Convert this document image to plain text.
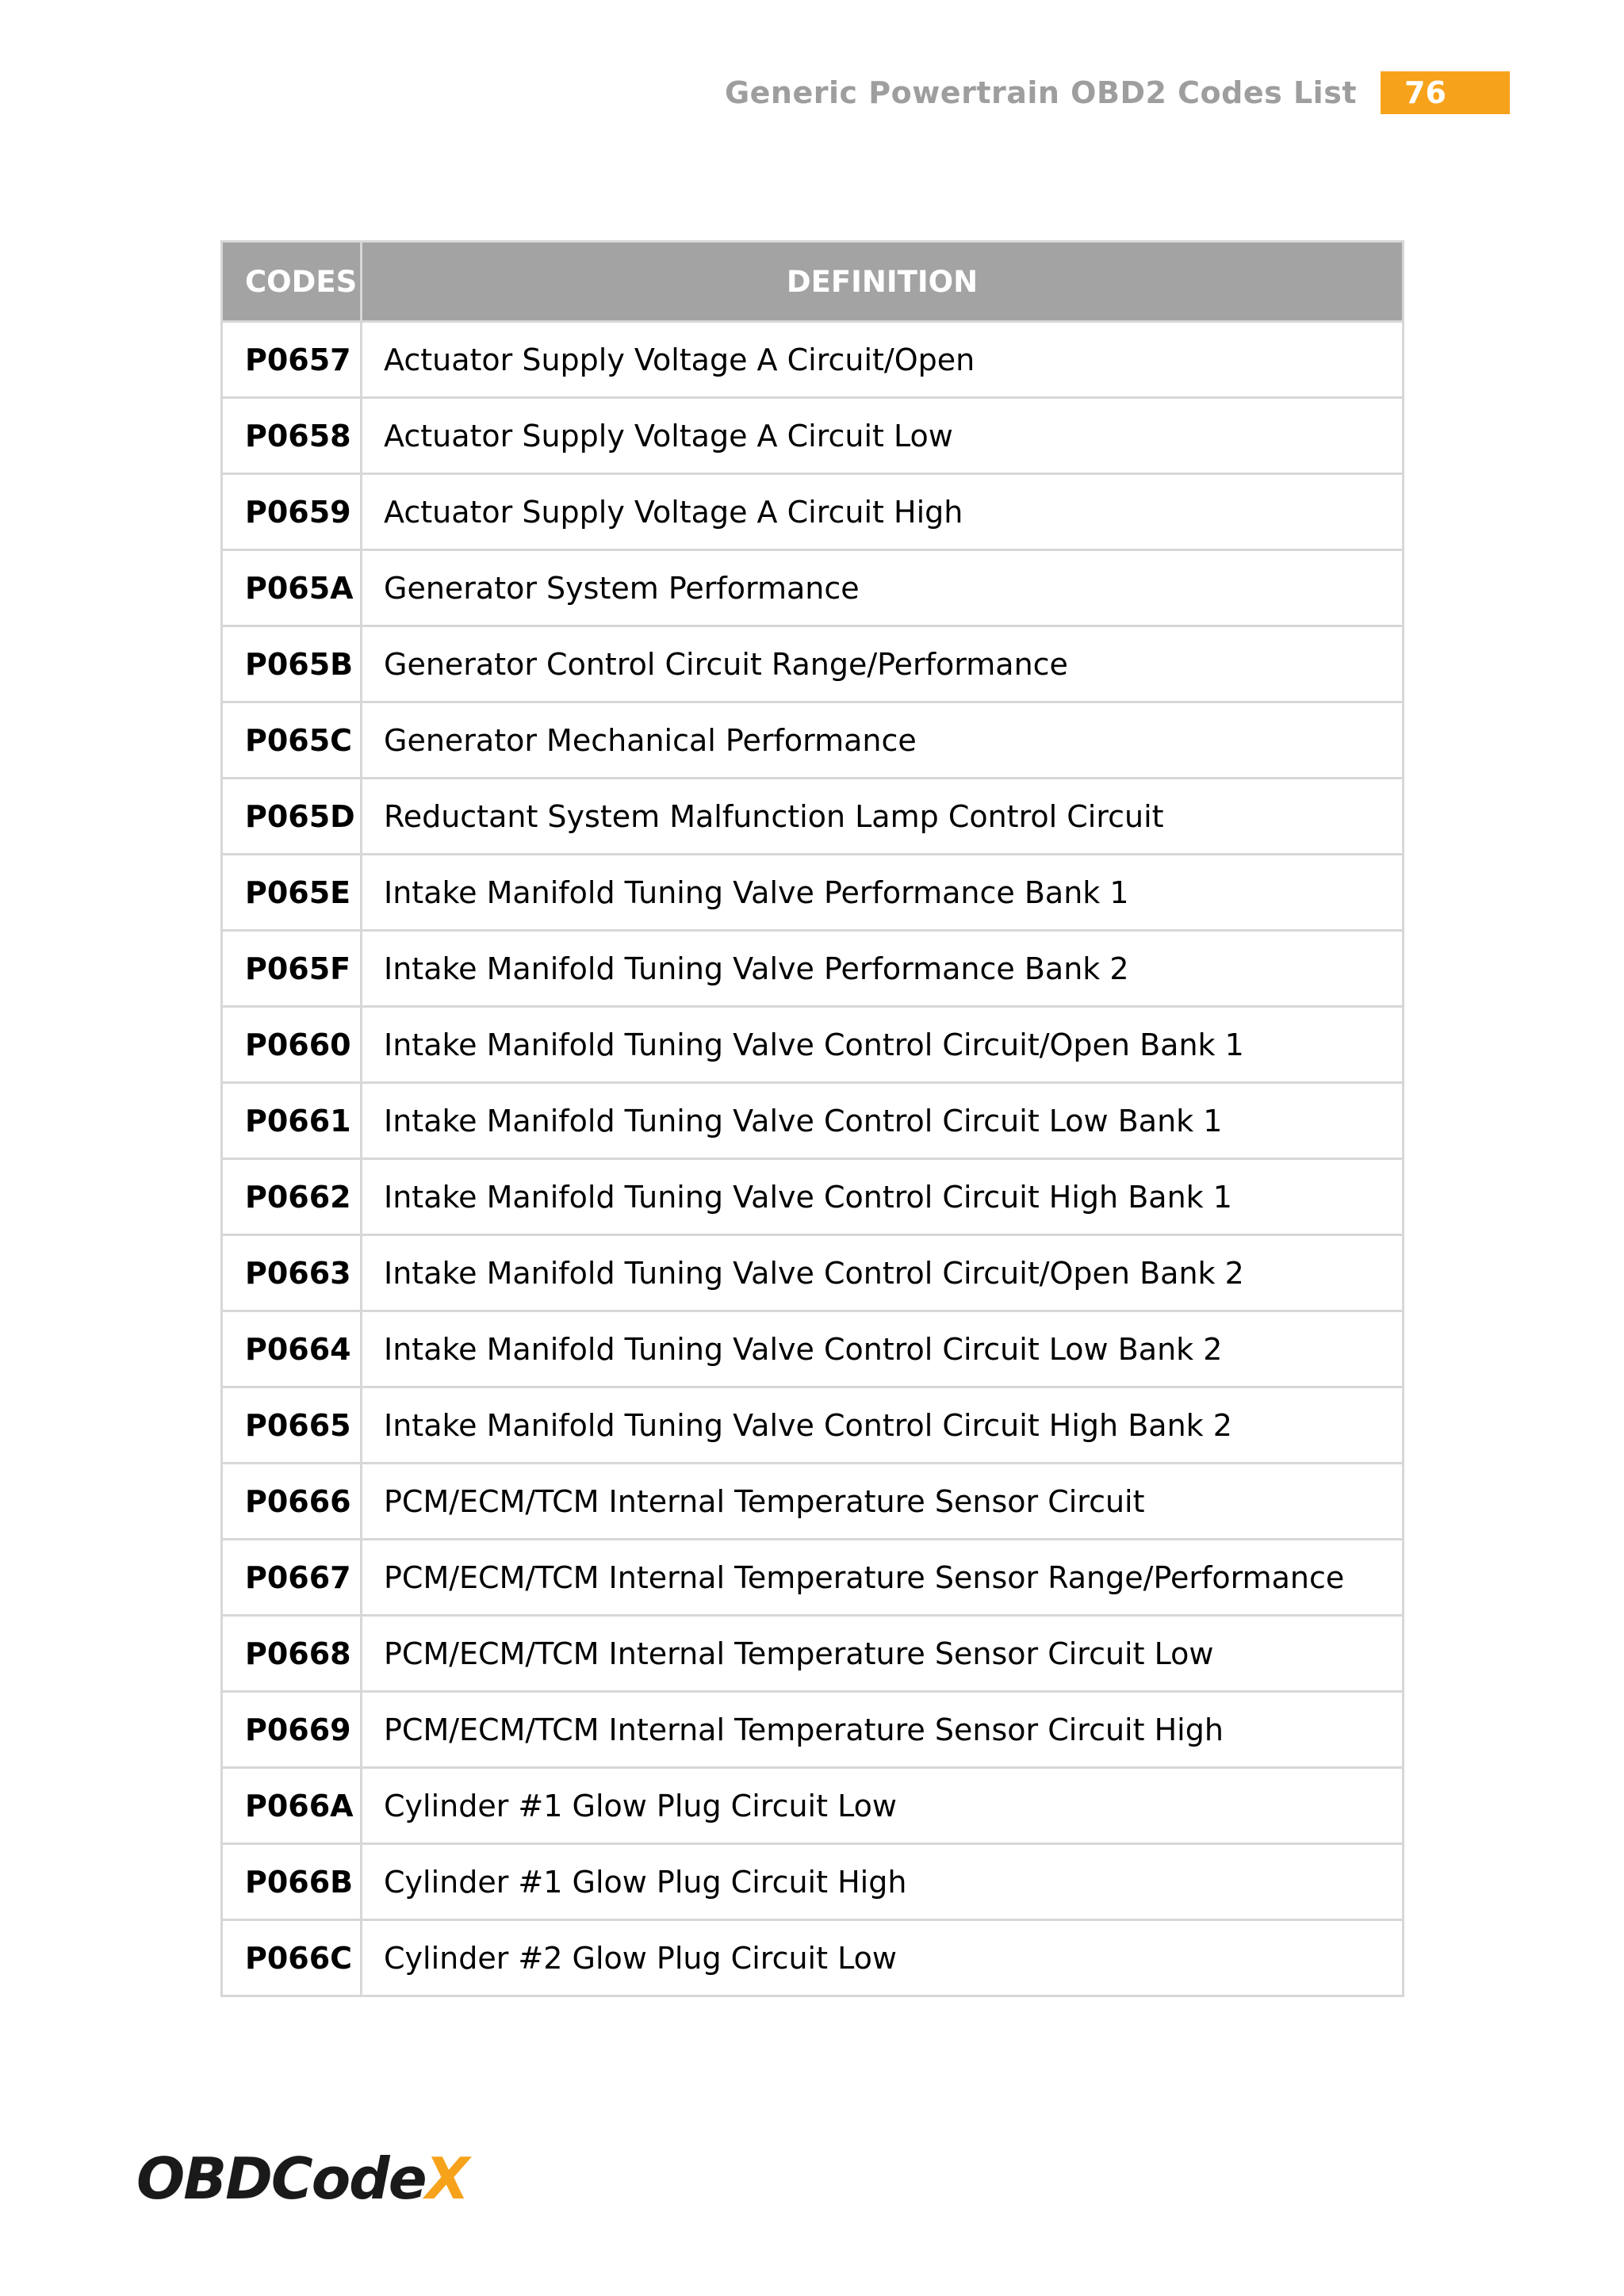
Generic Powertrain OBD2 Codes List	76
CODES	DEFINITION
P0657	Actuator Supply Voltage A Circuit/Open
P0658	Actuator Supply Voltage A Circuit Low
P0659	Actuator Supply Voltage A Circuit High
P065A	Generator System Performance
P065B	Generator Control Circuit Range/Performance
P065C	Generator Mechanical Performance
P065D	Reductant System Malfunction Lamp Control Circuit
P065E	Intake Manifold Tuning Valve Performance Bank 1
P065F	Intake Manifold Tuning Valve Performance Bank 2
P0660	Intake Manifold Tuning Valve Control Circuit/Open Bank 1
P0661	Intake Manifold Tuning Valve Control Circuit Low Bank 1
P0662	Intake Manifold Tuning Valve Control Circuit High Bank 1
P0663	Intake Manifold Tuning Valve Control Circuit/Open Bank 2
P0664	Intake Manifold Tuning Valve Control Circuit Low Bank 2
P0665	Intake Manifold Tuning Valve Control Circuit High Bank 2
P0666	PCM/ECM/TCM Internal Temperature Sensor Circuit
P0667	PCM/ECM/TCM Internal Temperature Sensor Range/Performance
P0668	PCM/ECM/TCM Internal Temperature Sensor Circuit Low
P0669	PCM/ECM/TCM Internal Temperature Sensor Circuit High
P066A	Cylinder #1 Glow Plug Circuit Low
P066B	Cylinder #1 Glow Plug Circuit High
P066C	Cylinder #2 Glow Plug Circuit Low
OBDCodeX
